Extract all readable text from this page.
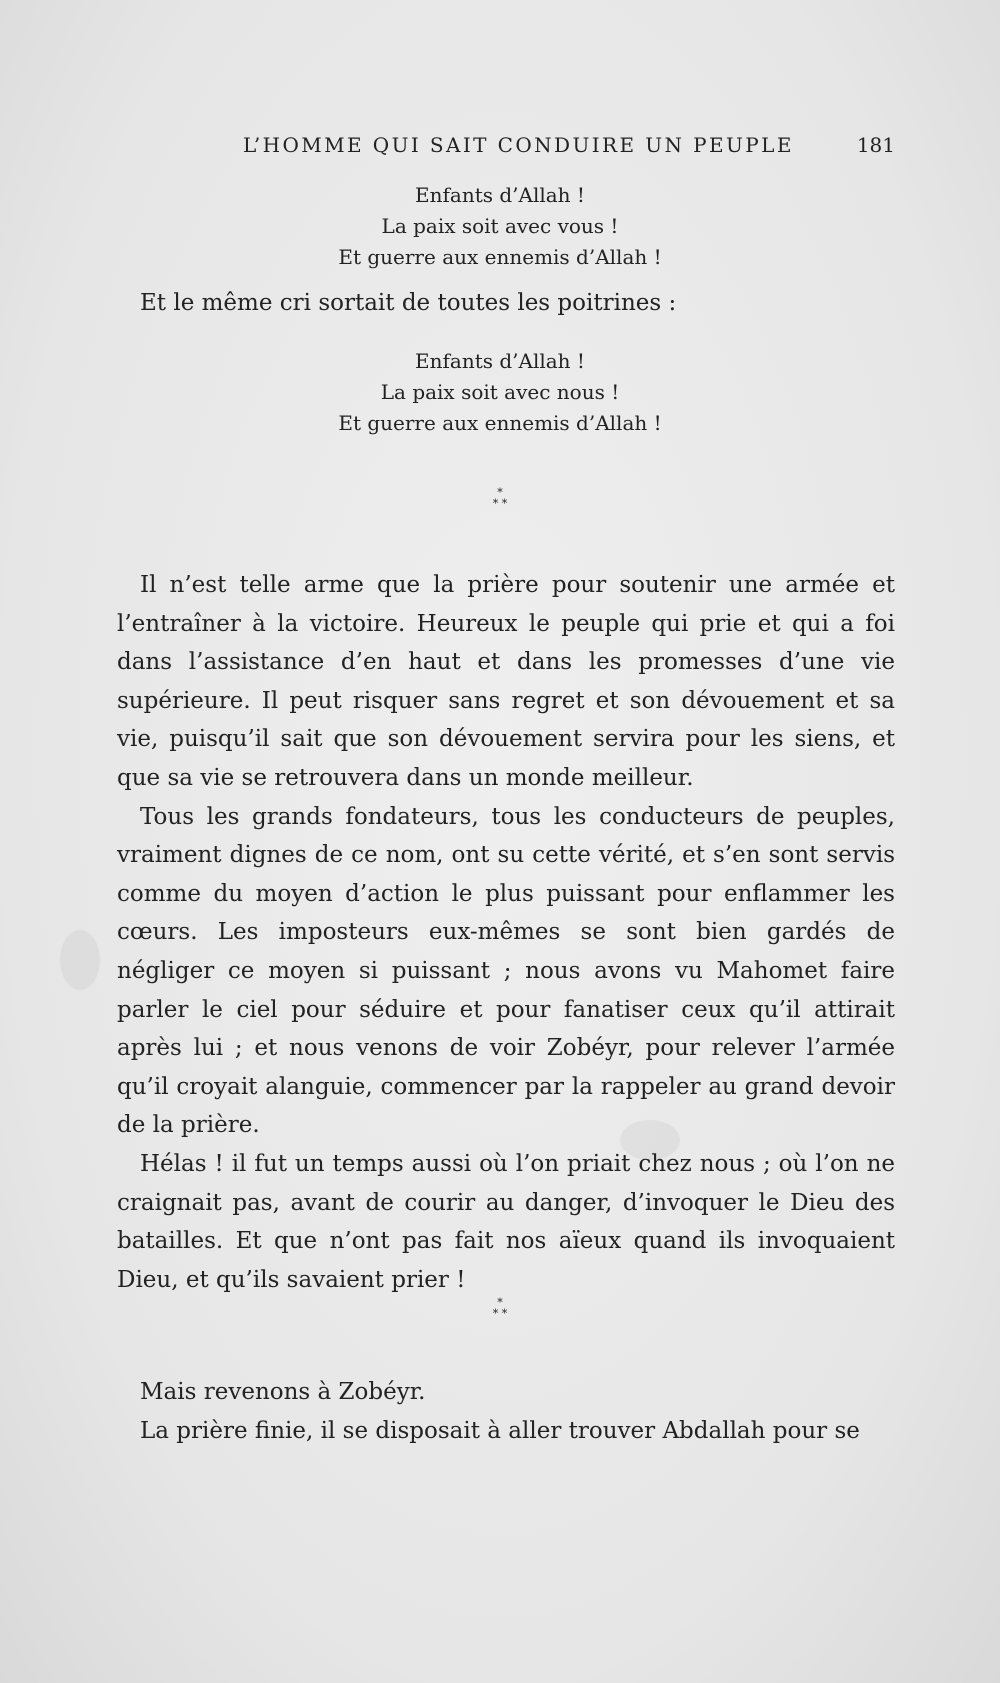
L’HOMME QUI SAIT CONDUIRE UN PEUPLE	181
Enfants d’Allah !
La paix soit avec vous !
Et guerre aux ennemis d’Allah !
Et le même cri sortait de toutes les poitrines :
Enfants d’Allah !
La paix soit avec nous !
Et guerre aux ennemis d’Allah !
*
* *

Il n’est telle arme que la prière pour soutenir une armée et l’entraîner à la victoire. Heureux le peuple qui prie et qui a foi dans l’assistance d’en haut et dans les promesses d’une vie supérieure. Il peut risquer sans regret et son dévouement et sa vie, puisqu’il sait que son dévouement servira pour les siens, et que sa vie se retrouvera dans un monde meilleur.

Tous les grands fondateurs, tous les conducteurs de peuples, vraiment dignes de ce nom, ont su cette vérité, et s’en sont servis comme du moyen d’action le plus puissant pour enflammer les cœurs. Les imposteurs eux-mêmes se sont bien gardés de négliger ce moyen si puissant ; nous avons vu Mahomet faire parler le ciel pour séduire et pour fanatiser ceux qu’il attirait après lui ; et nous venons de voir Zobéyr, pour relever l’armée qu’il croyait alanguie, commencer par la rappeler au grand devoir de la prière.

Hélas ! il fut un temps aussi où l’on priait chez nous ; où l’on ne craignait pas, avant de courir au danger, d’invoquer le Dieu des batailles. Et que n’ont pas fait nos aïeux quand ils invoquaient Dieu, et qu’ils savaient prier !

*
* *

Mais revenons à Zobéyr.

La prière finie, il se disposait à aller trouver Abdallah pour se
